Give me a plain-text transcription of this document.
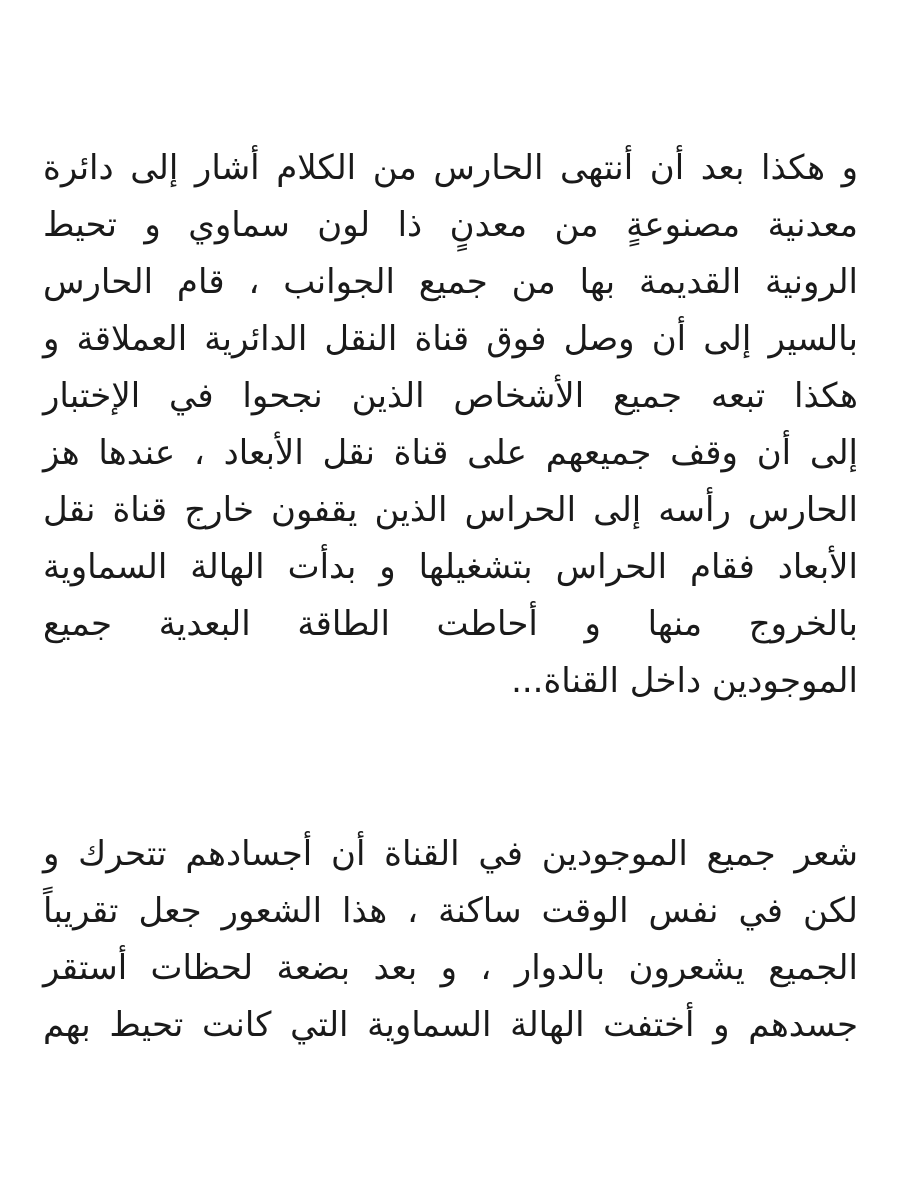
و هكذا بعد أن أنتهى الحارس من الكلام أشار إلى دائرة
معدنية مصنوعةٍ من معدنٍ ذا لون سماوي و تحيط
الرونية القديمة بها من جميع الجوانب ، قام الحارس
بالسير إلى أن وصل فوق قناة النقل الدائرية العملاقة و
هكذا تبعه جميع الأشخاص الذين نجحوا في الإختبار
إلى أن وقف جميعهم على قناة نقل الأبعاد ، عندها هز
الحارس رأسه إلى الحراس الذين يقفون خارج قناة نقل
الأبعاد فقام الحراس بتشغيلها و بدأت الهالة السماوية
بالخروج منها و أحاطت الطاقة البعدية جميع
الموجودين داخل القناة...

شعر جميع الموجودين في القناة أن أجسادهم تتحرك و
لكن في نفس الوقت ساكنة ، هذا الشعور جعل تقريباً
الجميع يشعرون بالدوار ، و بعد بضعة لحظات أستقر
جسدهم و أختفت الهالة السماوية التي كانت تحيط بهم
